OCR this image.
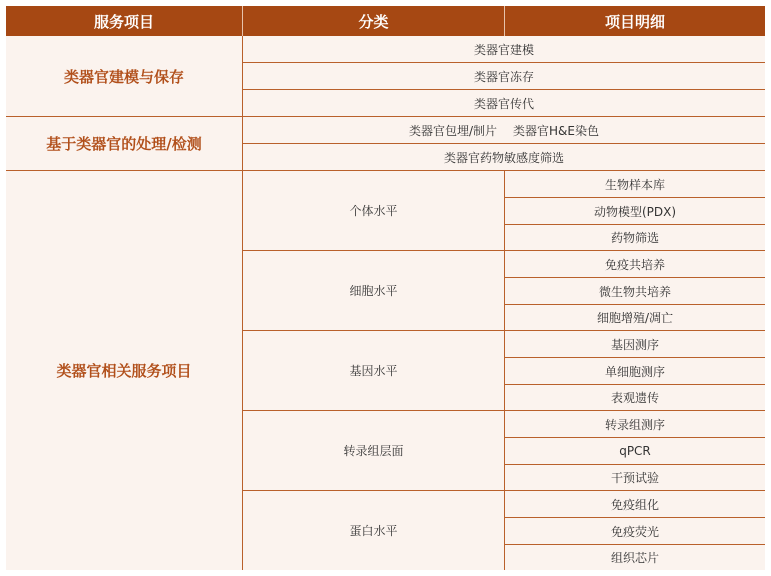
服务项目	分类	项目明细
类器官建模与保存
类器官建模
类器官冻存
类器官传代
基于类器官的处理/检测
类器官包埋/制片 类器官H&E染色
类器官药物敏感度筛选
类器官相关服务项目
个体水平
生物样本库
动物模型(PDX)
药物筛选
细胞水平
免疫共培养
微生物共培养
细胞增殖/凋亡
基因水平
基因测序
单细胞测序
表观遗传
转录组层面
转录组测序
qPCR
干预试验
蛋白水平
免疫组化
免疫荧光
组织芯片
